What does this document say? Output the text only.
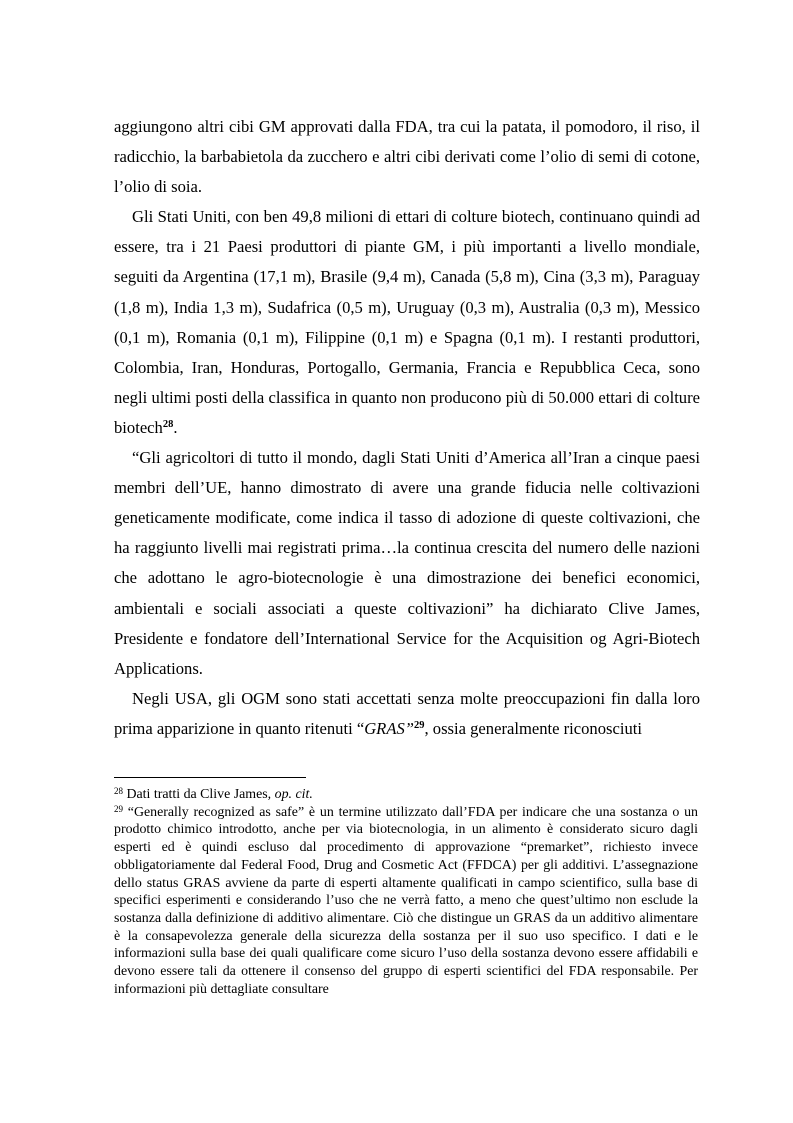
aggiungono altri cibi GM approvati dalla FDA, tra cui la patata, il pomodoro, il riso, il radicchio, la barbabietola da zucchero e altri cibi derivati come l’olio di semi di cotone, l’olio di soia.

Gli Stati Uniti, con ben 49,8 milioni di ettari di colture biotech, continuano quindi ad essere, tra i 21 Paesi produttori di piante GM, i più importanti a livello mondiale, seguiti da Argentina (17,1 m), Brasile (9,4 m), Canada (5,8 m), Cina (3,3 m), Paraguay (1,8 m), India 1,3 m), Sudafrica (0,5 m), Uruguay (0,3 m), Australia (0,3 m), Messico (0,1 m), Romania (0,1 m), Filippine (0,1 m) e Spagna (0,1 m). I restanti produttori, Colombia, Iran, Honduras, Portogallo, Germania, Francia e Repubblica Ceca, sono negli ultimi posti della classifica in quanto non producono più di 50.000 ettari di colture biotech$^{28}$.

“Gli agricoltori di tutto il mondo, dagli Stati Uniti d’America all’Iran a cinque paesi membri dell’UE, hanno dimostrato di avere una grande fiducia nelle coltivazioni geneticamente modificate, come indica il tasso di adozione di queste coltivazioni, che ha raggiunto livelli mai registrati prima…la continua crescita del numero delle nazioni che adottano le agro-biotecnologie è una dimostrazione dei benefici economici, ambientali e sociali associati a queste coltivazioni” ha dichiarato Clive James, Presidente e fondatore dell’International Service for the Acquisition og Agri-Biotech Applications.

Negli USA, gli OGM sono stati accettati senza molte preoccupazioni fin dalla loro prima apparizione in quanto ritenuti “GRAS”$^{29}$, ossia generalmente riconosciuti

$^{28}$ Dati tratti da Clive James, op. cit.

$^{29}$ “Generally recognized as safe” è un termine utilizzato dall’FDA per indicare che una sostanza o un prodotto chimico introdotto, anche per via biotecnologia, in un alimento è considerato sicuro dagli esperti ed è quindi escluso dal procedimento di approvazione “premarket”, richiesto invece obbligatoriamente dal Federal Food, Drug and Cosmetic Act (FFDCA) per gli additivi. L’assegnazione dello status GRAS avviene da parte di esperti altamente qualificati in campo scientifico, sulla base di specifici esperimenti e considerando l’uso che ne verrà fatto, a meno che quest’ultimo non esclude la sostanza dalla definizione di additivo alimentare. Ciò che distingue un GRAS da un additivo alimentare è la consapevolezza generale della sicurezza della sostanza per il suo uso specifico. I dati e le informazioni sulla base dei quali qualificare come sicuro l’uso della sostanza devono essere affidabili e devono essere tali da ottenere il consenso del gruppo di esperti scientifici del FDA responsabile. Per informazioni più dettagliate consultare
